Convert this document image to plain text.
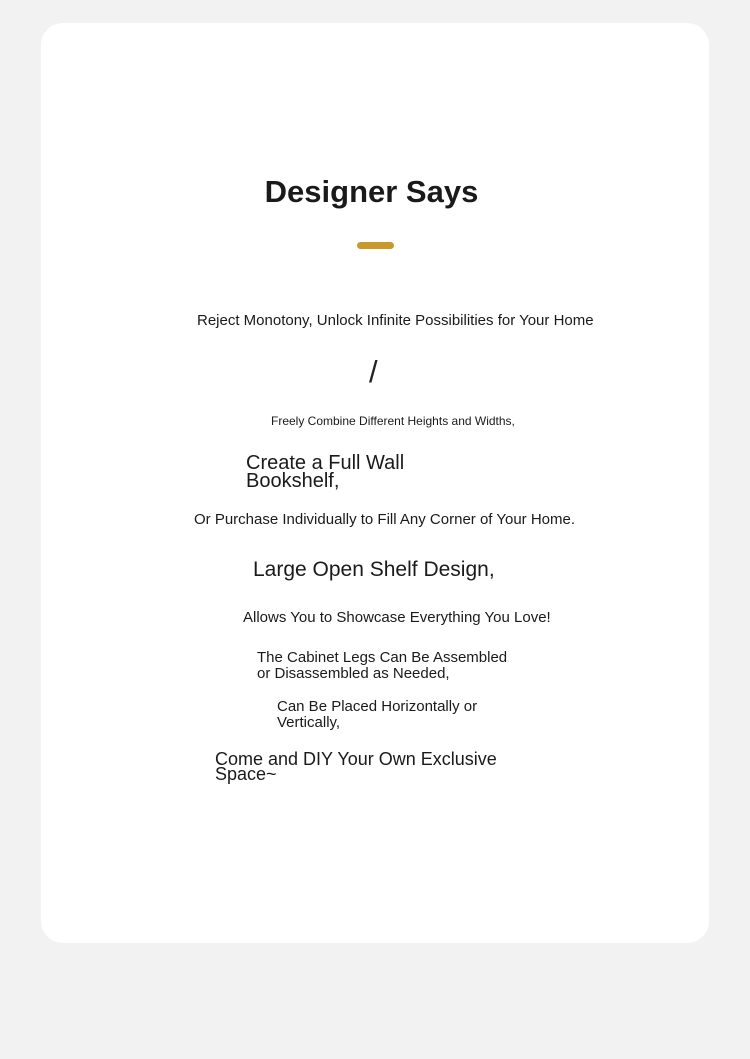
Designer Says

Reject Monotony, Unlock Infinite Possibilities for Your Home

/

Freely Combine Different Heights and Widths,

Create a Full Wall Bookshelf,

Or Purchase Individually to Fill Any Corner of Your Home.

Large Open Shelf Design,

Allows You to Showcase Everything You Love!

The Cabinet Legs Can Be Assembled or Disassembled as Needed,

Can Be Placed Horizontally or Vertically,

Come and DIY Your Own Exclusive Space~
